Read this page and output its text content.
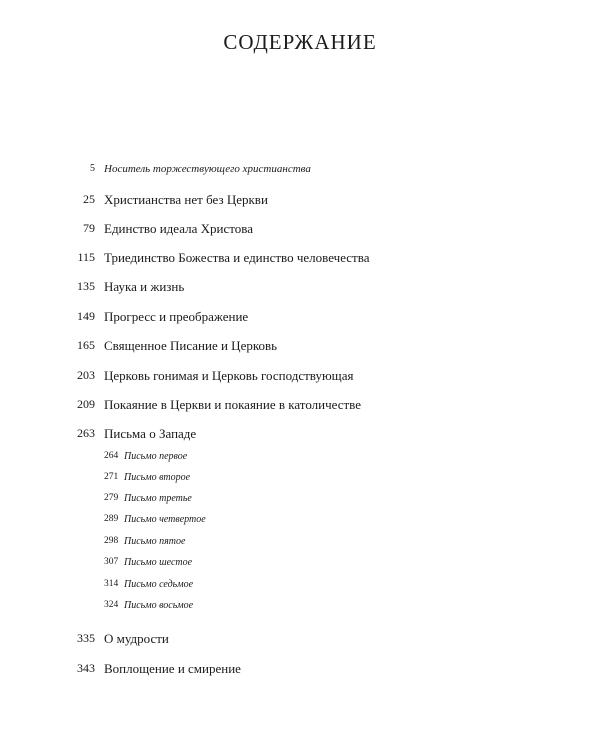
СОДЕРЖАНИЕ
5 Носитель торжествующего христианства
25 Христианства нет без Церкви
79 Единство идеала Христова
115 Триединство Божества и единство человечества
135 Наука и жизнь
149 Прогресс и преображение
165 Священное Писание и Церковь
203 Церковь гонимая и Церковь господствующая
209 Покаяние в Церкви и покаяние в католичестве
263 Письма о Западе
264 Письмо первое
271 Письмо второе
279 Письмо третье
289 Письмо четвертое
298 Письмо пятое
307 Письмо шестое
314 Письмо седьмое
324 Письмо восьмое
335 О мудрости
343 Воплощение и смирение
